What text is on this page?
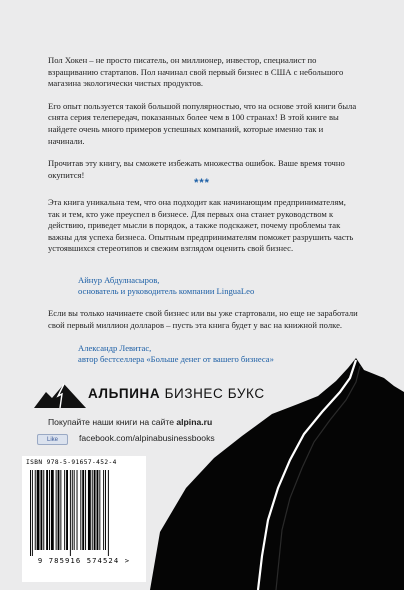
Пол Хокен – не просто писатель, он миллионер, инвестор, специалист по взращиванию стартапов. Пол начинал свой первый бизнес в США с небольшого магазина экологически чистых продуктов.

Его опыт пользуется такой большой популярностью, что на основе этой книги была снята серия телепередач, показанных более чем в 100 странах! В этой книге вы найдете очень много примеров успешных компаний, которые именно так и начинали.

Прочитав эту книгу, вы сможете избежать множества ошибок. Ваше время точно окупится!

***

Эта книга уникальна тем, что она подходит как начинающим предпринимателям, так и тем, кто уже преуспел в бизнесе. Для первых она станет руководством к действию, приведет мысли в порядок, а также подскажет, почему проблемы так важны для успеха бизнеса. Опытным предпринимателям поможет разрушить часть устоявшихся стереотипов и свежим взглядом оценить свой бизнес.

Айнур Абдулнасыров,
основатель и руководитель компании LinguaLeo

Если вы только начинаете свой бизнес или вы уже стартовали, но еще не заработали свой первый миллион долларов – пусть эта книга будет у вас на книжной полке.

Александр Левитас,
автор бестселлера «Больше денег от вашего бизнеса»
АЛЬПИНА БИЗНЕС БУКС
Покупайте наши книги на сайте alpina.ru
Like	facebook.com/alpinabusinessbooks
ISBN 978-5-91657-452-4
9 785916 574524 >
